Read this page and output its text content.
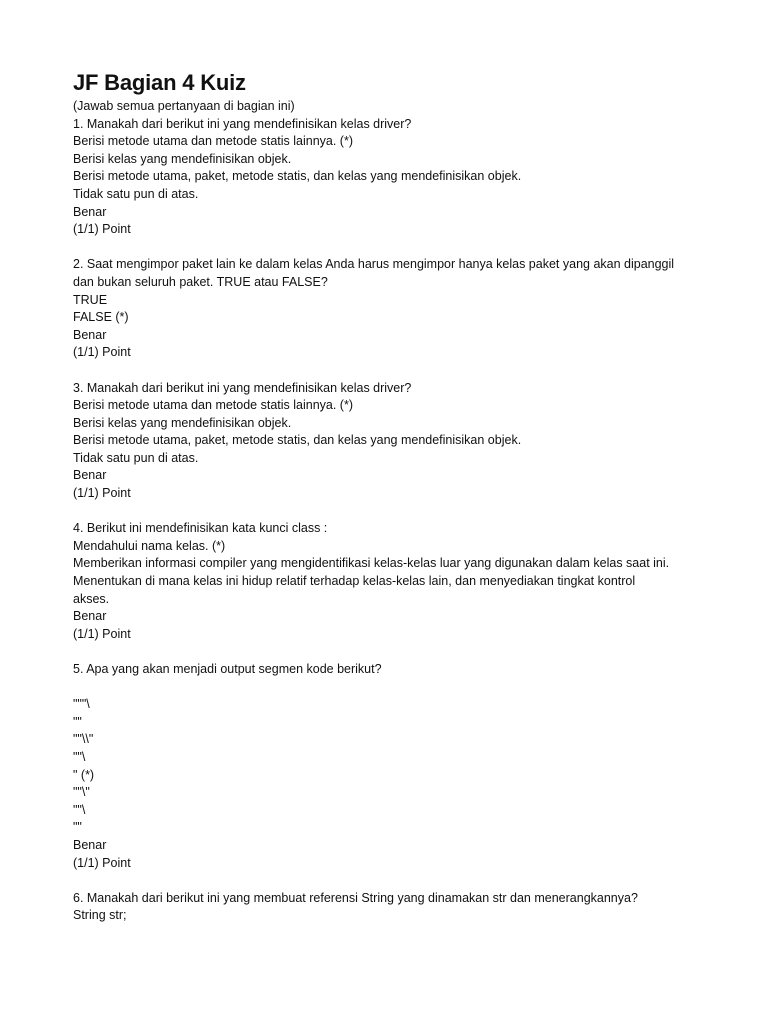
JF Bagian 4 Kuiz

(Jawab semua pertanyaan di bagian ini)

1. Manakah dari berikut ini yang mendefinisikan kelas driver?

Berisi metode utama dan metode statis lainnya. (*)

Berisi kelas yang mendefinisikan objek.

Berisi metode utama, paket, metode statis, dan kelas yang mendefinisikan objek.

Tidak satu pun di atas.

Benar

(1/1) Point

2. Saat mengimpor paket lain ke dalam kelas Anda harus mengimpor hanya kelas paket yang akan dipanggil

dan bukan seluruh paket. TRUE atau FALSE?

TRUE

FALSE (*)

Benar

(1/1) Point

3. Manakah dari berikut ini yang mendefinisikan kelas driver?

Berisi metode utama dan metode statis lainnya. (*)

Berisi kelas yang mendefinisikan objek.

Berisi metode utama, paket, metode statis, dan kelas yang mendefinisikan objek.

Tidak satu pun di atas.

Benar

(1/1) Point

4. Berikut ini mendefinisikan kata kunci class :

Mendahului nama kelas. (*)

Memberikan informasi compiler yang mengidentifikasi kelas-kelas luar yang digunakan dalam kelas saat ini.

Menentukan di mana kelas ini hidup relatif terhadap kelas-kelas lain, dan menyediakan tingkat kontrol

akses.

Benar

(1/1) Point

5. Apa yang akan menjadi output segmen kode berikut?

"""\

""

""\\"

""\

" (*)

""\"

""\

""

Benar

(1/1) Point

6. Manakah dari berikut ini yang membuat referensi String yang dinamakan str dan menerangkannya?

String str;
